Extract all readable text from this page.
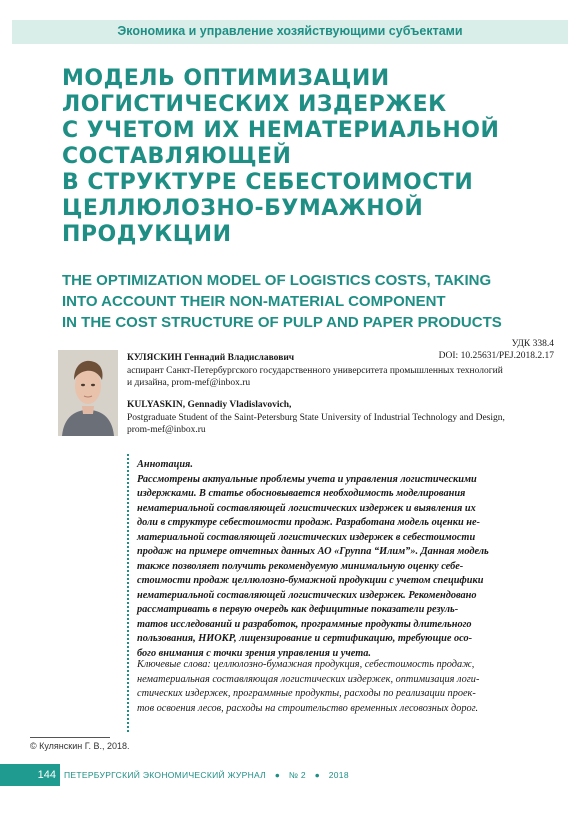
Экономика и управление хозяйствующими субъектами
МОДЕЛЬ ОПТИМИЗАЦИИ
ЛОГИСТИЧЕСКИХ ИЗДЕРЖЕК
С УЧЕТОМ ИХ НЕМАТЕРИАЛЬНОЙ
СОСТАВЛЯЮЩЕЙ
В СТРУКТУРЕ СЕБЕСТОИМОСТИ
ЦЕЛЛЮЛОЗНО-БУМАЖНОЙ
ПРОДУКЦИИ
THE OPTIMIZATION MODEL OF LOGISTICS COSTS, TAKING
INTO ACCOUNT THEIR NON-MATERIAL COMPONENT
IN THE COST STRUCTURE OF PULP AND PAPER PRODUCTS
УДК 338.4
DOI: 10.25631/PEJ.2018.2.17
КУЛЯСКИН Геннадий Владиславович
аспирант Санкт-Петербургского государственного университета промышленных технологий
и дизайна, prom-mef@inbox.ru
KULYASKIN, Gennadiy Vladislavovich,
Postgraduate Student of the Saint-Petersburg State University of Industrial Technology and Design,
prom-mef@inbox.ru
Аннотация.
Рассмотрены актуальные проблемы учета и управления логистическими
издержками. В статье обосновывается необходимость моделирования
нематериальной составляющей логистических издержек и выявления их
доли в структуре себестоимости продаж. Разработана модель оценки не-
материальной составляющей логистических издержек в себестоимости
продаж на примере отчетных данных АО «Группа “Илим”». Данная модель
также позволяет получить рекомендуемую минимальную оценку себе-
стоимости продаж целлюлозно-бумажной продукции с учетом специфики
нематериальной составляющей логистических издержек. Рекомендовано
рассматривать в первую очередь как дефицитные показатели резуль-
татов исследований и разработок, программные продукты длительного
пользования, НИОКР, лицензирование и сертификацию, требующие осо-
бого внимания с точки зрения управления и учета.
Ключевые слова: целлюлозно-бумажная продукция, себестоимость продаж,
нематериальная составляющая логистических издержек, оптимизация логи-
стических издержек, программные продукты, расходы по реализации проек-
тов освоения лесов, расходы на строительство временных лесовозных дорог.
© Кулянскин Г. В., 2018.
144 ПЕТЕРБУРГСКИЙ ЭКОНОМИЧЕСКИЙ ЖУРНАЛ ● № 2 ● 2018
